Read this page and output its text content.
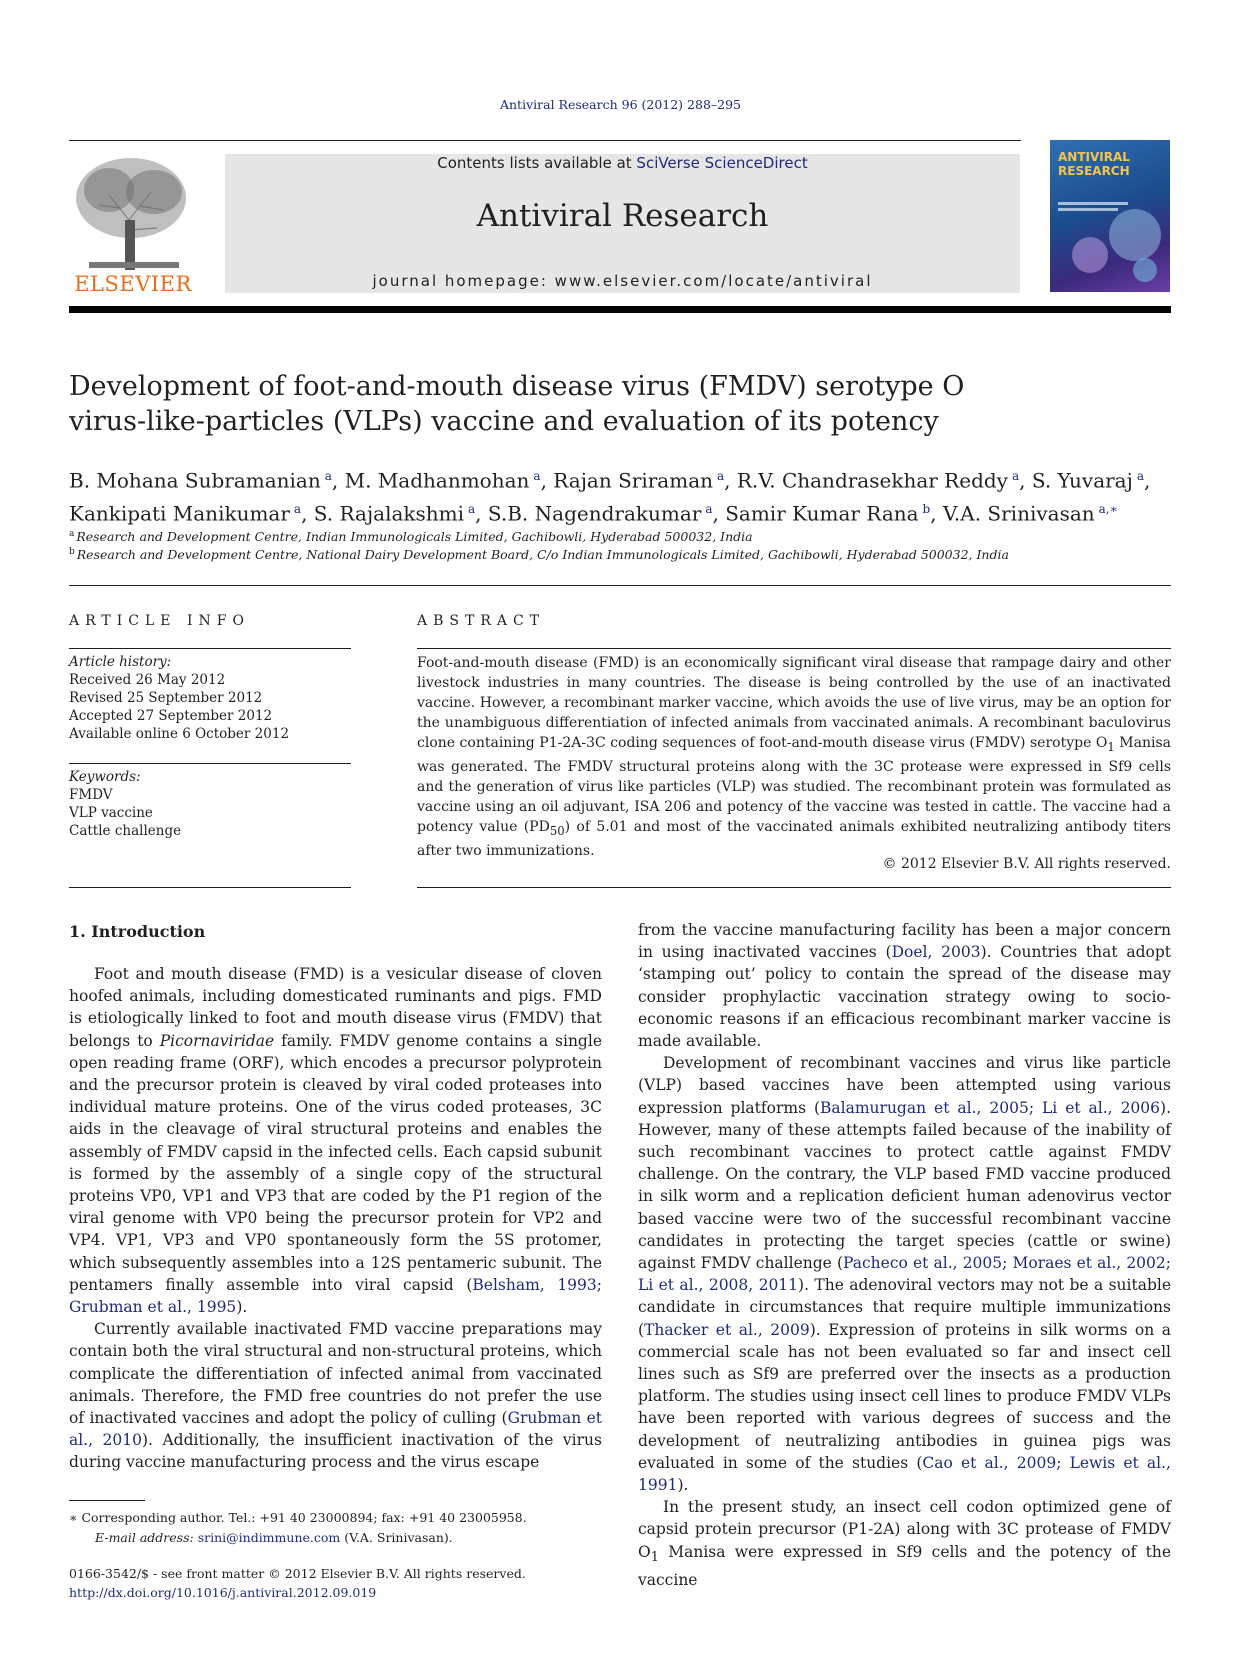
Antiviral Research 96 (2012) 288–295
ELSEVIER
Contents lists available at SciVerse ScienceDirect
Antiviral Research
journal homepage: www.elsevier.com/locate/antiviral
ANTIVIRAL RESEARCH
Development of foot-and-mouth disease virus (FMDV) serotype O
virus-like-particles (VLPs) vaccine and evaluation of its potency
B. Mohana Subramanian $^a$, M. Madhanmohan $^a$, Rajan Sriraman $^a$, R.V. Chandrasekhar Reddy $^a$, S. Yuvaraj $^a$,
Kankipati Manikumar $^a$, S. Rajalakshmi $^a$, S.B. Nagendrakumar $^a$, Samir Kumar Rana $^b$, V.A. Srinivasan $^{a,∗}$
$^a$ Research and Development Centre, Indian Immunologicals Limited, Gachibowli, Hyderabad 500032, India
$^b$ Research and Development Centre, National Dairy Development Board, C/o Indian Immunologicals Limited, Gachibowli, Hyderabad 500032, India
ARTICLE INFO	ABSTRACT
Article history:
Received 26 May 2012
Revised 25 September 2012
Accepted 27 September 2012
Available online 6 October 2012
Keywords:
FMDV
VLP vaccine
Cattle challenge
Foot-and-mouth disease (FMD) is an economically significant viral disease that rampage dairy and other livestock industries in many countries. The disease is being controlled by the use of an inactivated vaccine. However, a recombinant marker vaccine, which avoids the use of live virus, may be an option for the unambiguous differentiation of infected animals from vaccinated animals. A recombinant baculovirus clone containing P1-2A-3C coding sequences of foot-and-mouth disease virus (FMDV) serotype $O_1$ Manisa was generated. The FMDV structural proteins along with the 3C protease were expressed in Sf9 cells and the generation of virus like particles (VLP) was studied. The recombinant protein was formulated as vaccine using an oil adjuvant, ISA 206 and potency of the vaccine was tested in cattle. The vaccine had a potency value $(PD_{50})$ of 5.01 and most of the vaccinated animals exhibited neutralizing antibody titers after two immunizations.
© 2012 Elsevier B.V. All rights reserved.
1. Introduction

Foot and mouth disease (FMD) is a vesicular disease of cloven hoofed animals, including domesticated ruminants and pigs. FMD is etiologically linked to foot and mouth disease virus (FMDV) that belongs to Picornaviridae family. FMDV genome contains a single open reading frame (ORF), which encodes a precursor polyprotein and the precursor protein is cleaved by viral coded proteases into individual mature proteins. One of the virus coded proteases, 3C aids in the cleavage of viral structural proteins and enables the assembly of FMDV capsid in the infected cells. Each capsid subunit is formed by the assembly of a single copy of the structural proteins VP0, VP1 and VP3 that are coded by the P1 region of the viral genome with VP0 being the precursor protein for VP2 and VP4. VP1, VP3 and VP0 spontaneously form the 5S protomer, which subsequently assembles into a 12S pentameric subunit. The pentamers finally assemble into viral capsid (Belsham, 1993; Grubman et al., 1995).

Currently available inactivated FMD vaccine preparations may contain both the viral structural and non-structural proteins, which complicate the differentiation of infected animal from vaccinated animals. Therefore, the FMD free countries do not prefer the use of inactivated vaccines and adopt the policy of culling (Grubman et al., 2010). Additionally, the insufficient inactivation of the virus during vaccine manufacturing process and the virus escape

from the vaccine manufacturing facility has been a major concern in using inactivated vaccines (Doel, 2003). Countries that adopt ‘stamping out’ policy to contain the spread of the disease may consider prophylactic vaccination strategy owing to socio-economic reasons if an efficacious recombinant marker vaccine is made available.

Development of recombinant vaccines and virus like particle (VLP) based vaccines have been attempted using various expression platforms (Balamurugan et al., 2005; Li et al., 2006). However, many of these attempts failed because of the inability of such recombinant vaccines to protect cattle against FMDV challenge. On the contrary, the VLP based FMD vaccine produced in silk worm and a replication deficient human adenovirus vector based vaccine were two of the successful recombinant vaccine candidates in protecting the target species (cattle or swine) against FMDV challenge (Pacheco et al., 2005; Moraes et al., 2002; Li et al., 2008, 2011). The adenoviral vectors may not be a suitable candidate in circumstances that require multiple immunizations (Thacker et al., 2009). Expression of proteins in silk worms on a commercial scale has not been evaluated so far and insect cell lines such as Sf9 are preferred over the insects as a production platform. The studies using insect cell lines to produce FMDV VLPs have been reported with various degrees of success and the development of neutralizing antibodies in guinea pigs was evaluated in some of the studies (Cao et al., 2009; Lewis et al., 1991).

In the present study, an insect cell codon optimized gene of capsid protein precursor (P1-2A) along with 3C protease of FMDV $O_1$ Manisa were expressed in Sf9 cells and the potency of the vaccine

∗ Corresponding author. Tel.: +91 40 23000894; fax: +91 40 23005958.
E-mail address: srini@indimmune.com (V.A. Srinivasan).
0166-3542/$ - see front matter © 2012 Elsevier B.V. All rights reserved.
http://dx.doi.org/10.1016/j.antiviral.2012.09.019
